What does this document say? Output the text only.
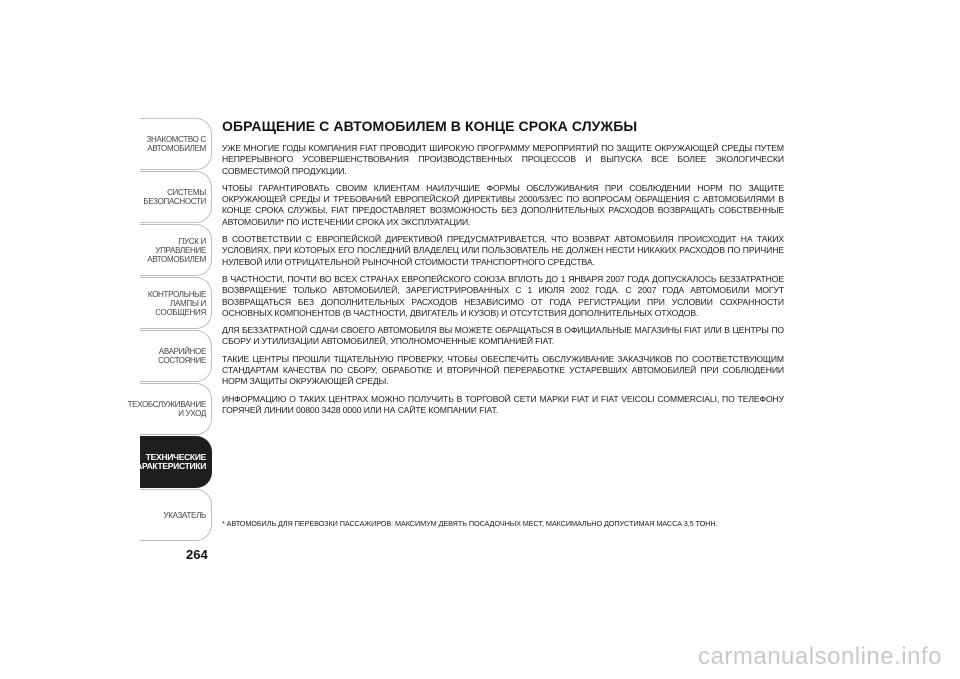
ЗНАКОМСТВО С АВТОМОБИЛЕМ
СИСТЕМЫ БЕЗОПАСНОСТИ
ПУСК И УПРАВЛЕНИЕ АВТОМОБИЛЕМ
КОНТРОЛЬНЫЕ ЛАМПЫ И СООБЩЕНИЯ
АВАРИЙНОЕ СОСТОЯНИЕ
ТЕХОБСЛУЖИВАНИЕ И УХОД
ТЕХНИЧЕСКИЕ ХАРАКТЕРИСТИКИ
УКАЗАТЕЛЬ
264
ОБРАЩЕНИЕ С АВТОМОБИЛЕМ В КОНЦЕ СРОКА СЛУЖБЫ

УЖЕ МНОГИЕ ГОДЫ КОМПАНИЯ FIAT ПРОВОДИТ ШИРОКУЮ ПРОГРАММУ МЕРОПРИЯТИЙ ПО ЗАЩИТЕ ОКРУЖАЮЩЕЙ СРЕДЫ ПУТЕМ НЕПРЕРЫВНОГО УСОВЕРШЕНСТВОВАНИЯ ПРОИЗВОДСТВЕННЫХ ПРОЦЕССОВ И ВЫПУСКА ВСЕ БОЛЕЕ ЭКОЛОГИЧЕСКИ СОВМЕСТИМОЙ ПРОДУКЦИИ.

ЧТОБЫ ГАРАНТИРОВАТЬ СВОИМ КЛИЕНТАМ НАИЛУЧШИЕ ФОРМЫ ОБСЛУЖИВАНИЯ ПРИ СОБЛЮДЕНИИ НОРМ ПО ЗАЩИТЕ ОКРУЖАЮЩЕЙ СРЕДЫ И ТРЕБОВАНИЙ ЕВРОПЕЙСКОЙ ДИРЕКТИВЫ 2000/53/ЕС ПО ВОПРОСАМ ОБРАЩЕНИЯ С АВТОМОБИЛЯМИ В КОНЦЕ СРОКА СЛУЖБЫ, FIAT ПРЕДОСТАВЛЯЕТ ВОЗМОЖНОСТЬ БЕЗ ДОПОЛНИТЕЛЬНЫХ РАСХОДОВ ВОЗВРАЩАТЬ СОБСТВЕННЫЕ АВТОМОБИЛИ* ПО ИСТЕЧЕНИИ СРОКА ИХ ЭКСПЛУАТАЦИИ.

В СООТВЕТСТВИИ С ЕВРОПЕЙСКОЙ ДИРЕКТИВОЙ ПРЕДУСМАТРИВАЕТСЯ, ЧТО ВОЗВРАТ АВТОМОБИЛЯ ПРОИСХОДИТ НА ТАКИХ УСЛОВИЯХ, ПРИ КОТОРЫХ ЕГО ПОСЛЕДНИЙ ВЛАДЕЛЕЦ ИЛИ ПОЛЬЗОВАТЕЛЬ НЕ ДОЛЖЕН НЕСТИ НИКАКИХ РАСХОДОВ ПО ПРИЧИНЕ НУЛЕВОЙ ИЛИ ОТРИЦАТЕЛЬНОЙ РЫНОЧНОЙ СТОИМОСТИ ТРАНСПОРТНОГО СРЕДСТВА.

В ЧАСТНОСТИ, ПОЧТИ ВО ВСЕХ СТРАНАХ ЕВРОПЕЙСКОГО СОЮЗА ВПЛОТЬ ДО 1 ЯНВАРЯ 2007 ГОДА ДОПУСКАЛОСЬ БЕЗЗАТРАТНОЕ ВОЗВРАЩЕНИЕ ТОЛЬКО АВТОМОБИЛЕЙ, ЗАРЕГИСТРИРОВАННЫХ С 1 ИЮЛЯ 2002 ГОДА. С 2007 ГОДА АВТОМОБИЛИ МОГУТ ВОЗВРАЩАТЬСЯ БЕЗ ДОПОЛНИТЕЛЬНЫХ РАСХОДОВ НЕЗАВИСИМО ОТ ГОДА РЕГИСТРАЦИИ ПРИ УСЛОВИИ СОХРАННОСТИ ОСНОВНЫХ КОМПОНЕНТОВ (В ЧАСТНОСТИ, ДВИГАТЕЛЬ И КУЗОВ) И ОТСУТСТВИЯ ДОПОЛНИТЕЛЬНЫХ ОТХОДОВ.

ДЛЯ БЕЗЗАТРАТНОЙ СДАЧИ СВОЕГО АВТОМОБИЛЯ ВЫ МОЖЕТЕ ОБРАЩАТЬСЯ В ОФИЦИАЛЬНЫЕ МАГАЗИНЫ FIAT ИЛИ В ЦЕНТРЫ ПО СБОРУ И УТИЛИЗАЦИИ АВТОМОБИЛЕЙ, УПОЛНОМОЧЕННЫЕ КОМПАНИЕЙ FIAT.

ТАКИЕ ЦЕНТРЫ ПРОШЛИ ТЩАТЕЛЬНУЮ ПРОВЕРКУ, ЧТОБЫ ОБЕСПЕЧИТЬ ОБСЛУЖИВАНИЕ ЗАКАЗЧИКОВ ПО СООТВЕТСТВУЮЩИМ СТАНДАРТАМ КАЧЕСТВА ПО СБОРУ, ОБРАБОТКЕ И ВТОРИЧНОЙ ПЕРЕРАБОТКЕ УСТАРЕВШИХ АВТОМОБИЛЕЙ ПРИ СОБЛЮДЕНИИ НОРМ ЗАЩИТЫ ОКРУЖАЮЩЕЙ СРЕДЫ.

ИНФОРМАЦИЮ О ТАКИХ ЦЕНТРАХ МОЖНО ПОЛУЧИТЬ В ТОРГОВОЙ СЕТИ МАРКИ FIAT И FIAT VEICOLI COMMERCIALI, ПО ТЕЛЕФОНУ ГОРЯЧЕЙ ЛИНИИ 00800 3428 0000 ИЛИ НА САЙТЕ КОМПАНИИ FIAT.

* АВТОМОБИЛЬ ДЛЯ ПЕРЕВОЗКИ ПАССАЖИРОВ: МАКСИМУМ ДЕВЯТЬ ПОСАДОЧНЫХ МЕСТ, МАКСИМАЛЬНО ДОПУСТИМАЯ МАССА 3,5 ТОНН.
carmanualsonline.info
